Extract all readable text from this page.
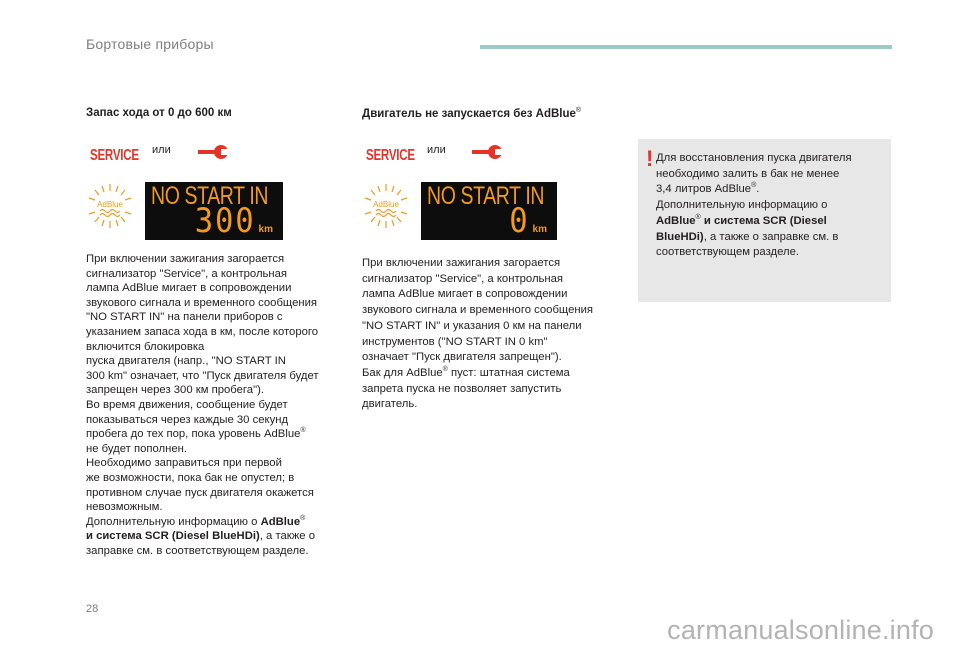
Бортовые приборы
Запас хода от 0 до 600 км
SERVICE или
AdBlue NO START IN
300 km

При включении зажигания загорается

сигнализатор "Service", а контрольная

лампа AdBlue мигает в сопровождении

звукового сигнала и временного сообщения

"NO START IN" на панели приборов с

указанием запаса хода в км, после которого

включится блокировка

пуска двигателя (напр., "NO START IN

300 km" означает, что "Пуск двигателя будет

запрещен через 300 км пробега").

Во время движения, сообщение будет

показываться через каждые 30 секунд

пробега до тех пор, пока уровень AdBlue®

не будет пополнен.

Необходимо заправиться при первой

же возможности, пока бак не опустел; в

противном случае пуск двигателя окажется

невозможным.

Дополнительную информацию о AdBlue®

и система SCR (Diesel BlueHDi), а также о

заправке см. в соответствующем разделе.

Двигатель не запускается без AdBlue®
SERVICE или
AdBlue NO START IN
0 km

При включении зажигания загорается

сигнализатор "Service", а контрольная

лампа AdBlue мигает в сопровождении

звукового сигнала и временного сообщения

"NO START IN" и указания 0 км на панели

инструментов ("NO START IN 0 km"

означает "Пуск двигателя запрещен").

Бак для AdBlue® пуст: штатная система

запрета пуска не позволяет запустить

двигатель.

! Для восстановления пуска двигателя

необходимо залить в бак не менее

3,4 литров AdBlue®.

Дополнительную информацию о

AdBlue® и система SCR (Diesel

BlueHDi), а также о заправке см. в

соответствующем разделе.

28
carmanualsonline.info
